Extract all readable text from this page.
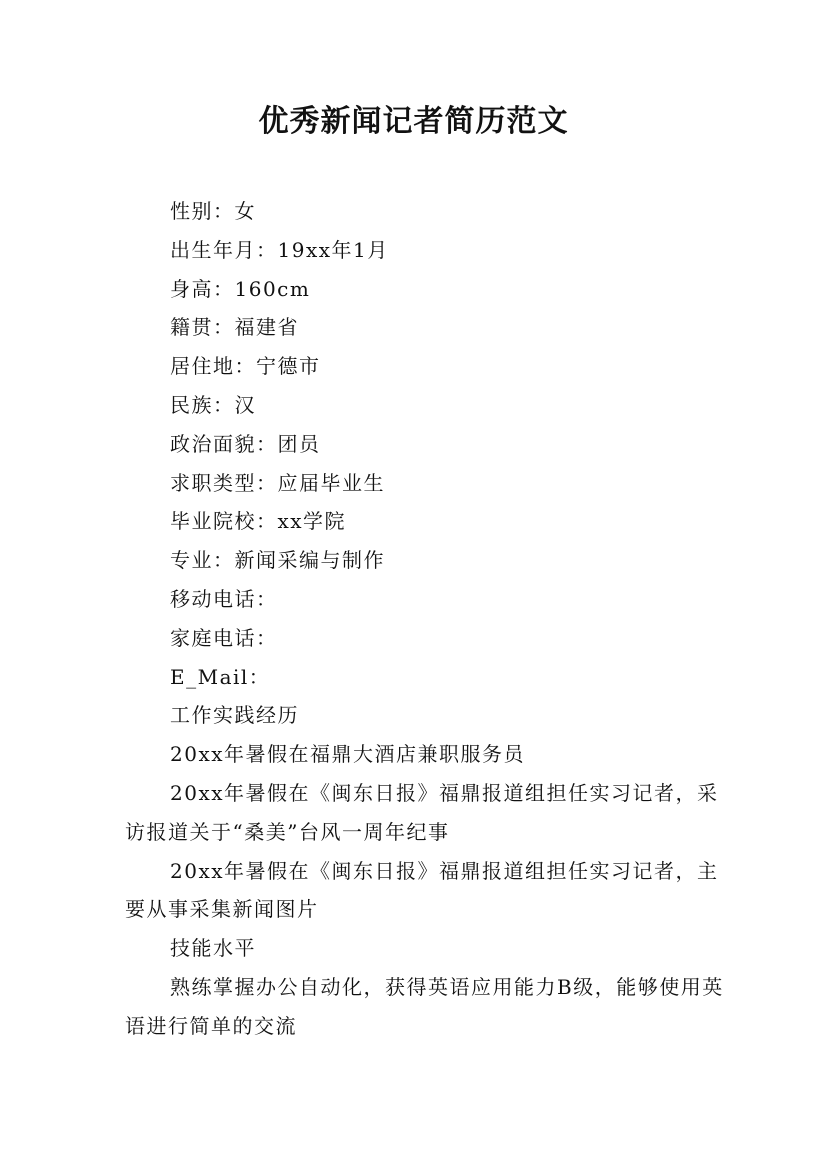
优秀新闻记者简历范文

性别：女

出生年月：19xx年1月

身高：160cm

籍贯：福建省

居住地：宁德市

民族：汉

政治面貌：团员

求职类型：应届毕业生

毕业院校：xx学院

专业：新闻采编与制作

移动电话：

家庭电话：

E_Mail：

工作实践经历

20xx年暑假在福鼎大酒店兼职服务员

20xx年暑假在《闽东日报》福鼎报道组担任实习记者，采访报道关于“桑美”台风一周年纪事

20xx年暑假在《闽东日报》福鼎报道组担任实习记者，主要从事采集新闻图片

技能水平

熟练掌握办公自动化，获得英语应用能力B级，能够使用英语进行简单的交流
